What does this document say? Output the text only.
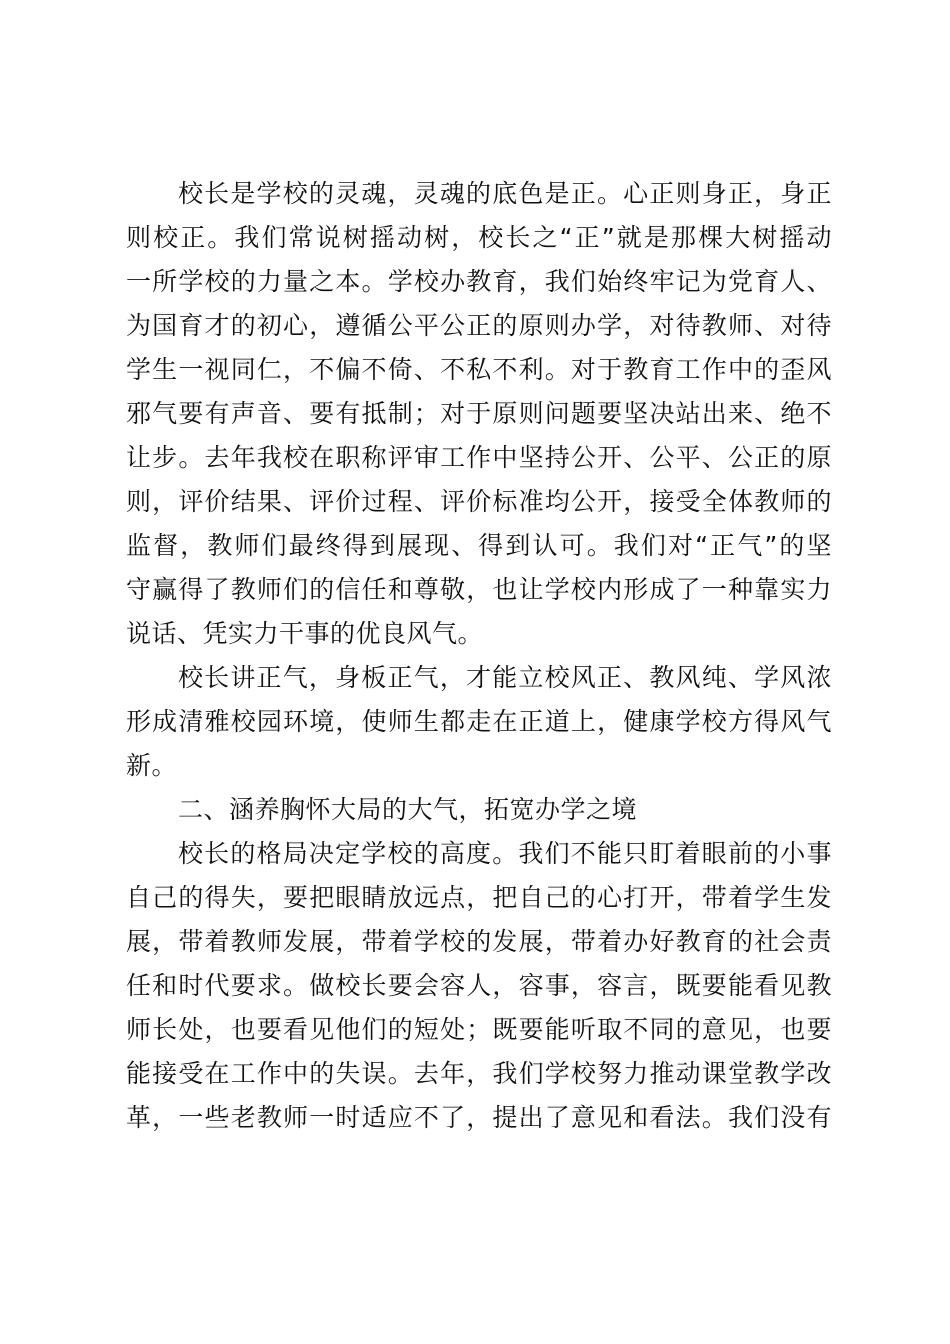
校长是学校的灵魂，灵魂的底色是正。心正则身正，身正
则校正。我们常说树摇动树，校长之“正”就是那棵大树摇动
一所学校的力量之本。学校办教育，我们始终牢记为党育人、
为国育才的初心，遵循公平公正的原则办学，对待教师、对待
学生一视同仁，不偏不倚、不私不利。对于教育工作中的歪风
邪气要有声音、要有抵制；对于原则问题要坚决站出来、绝不
让步。去年我校在职称评审工作中坚持公开、公平、公正的原
则，评价结果、评价过程、评价标准均公开，接受全体教师的
监督，教师们最终得到展现、得到认可。我们对“正气”的坚
守赢得了教师们的信任和尊敬，也让学校内形成了一种靠实力
说话、凭实力干事的优良风气。
校长讲正气，身板正气，才能立校风正、教风纯、学风浓
形成清雅校园环境，使师生都走在正道上，健康学校方得风气
新。
二、涵养胸怀大局的大气，拓宽办学之境
校长的格局决定学校的高度。我们不能只盯着眼前的小事
自己的得失，要把眼睛放远点，把自己的心打开，带着学生发
展，带着教师发展，带着学校的发展，带着办好教育的社会责
任和时代要求。做校长要会容人，容事，容言，既要能看见教
师长处，也要看见他们的短处；既要能听取不同的意见，也要
能接受在工作中的失误。去年，我们学校努力推动课堂教学改
革，一些老教师一时适应不了，提出了意见和看法。我们没有
